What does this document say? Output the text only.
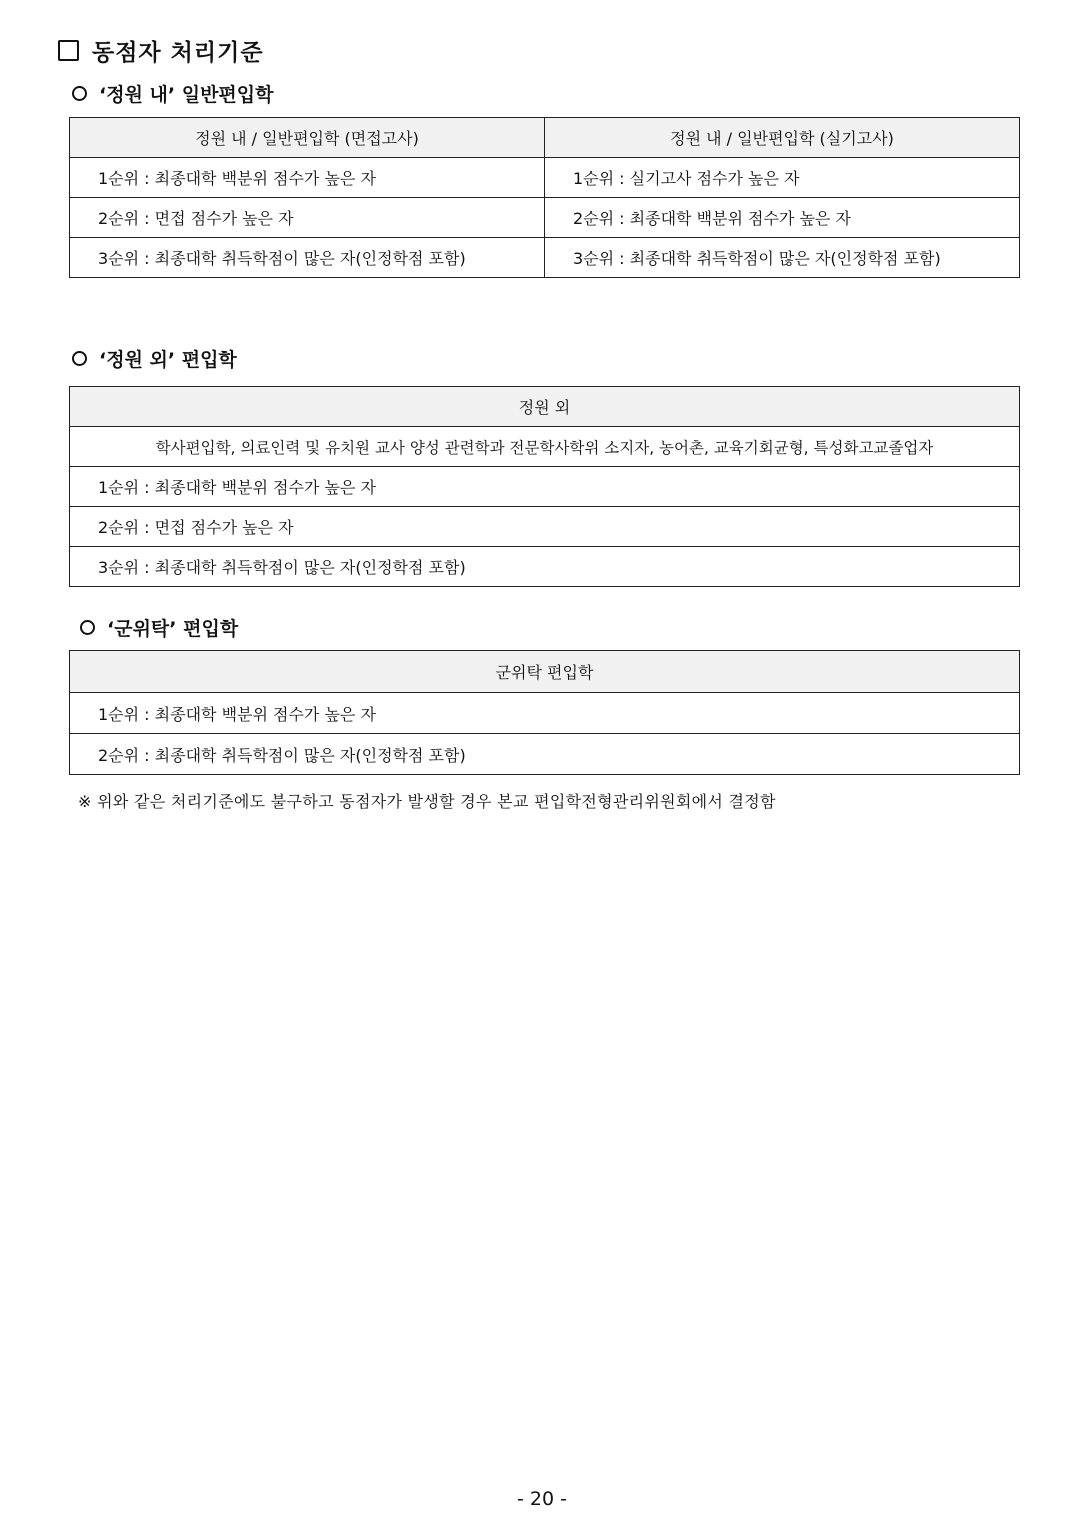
동점자 처리기준
‘정원 내’ 일반편입학
정원 내 / 일반편입학 (면접고사)	정원 내 / 일반편입학 (실기고사)
1순위 : 최종대학 백분위 점수가 높은 자	1순위 : 실기고사 점수가 높은 자
2순위 : 면접 점수가 높은 자	2순위 : 최종대학 백분위 점수가 높은 자
3순위 : 최종대학 취득학점이 많은 자(인정학점 포함)	3순위 : 최종대학 취득학점이 많은 자(인정학점 포함)
‘정원 외’ 편입학
정원 외
학사편입학, 의료인력 및 유치원 교사 양성 관련학과 전문학사학위 소지자, 농어촌, 교육기회균형, 특성화고교졸업자
1순위 : 최종대학 백분위 점수가 높은 자
2순위 : 면접 점수가 높은 자
3순위 : 최종대학 취득학점이 많은 자(인정학점 포함)
‘군위탁’ 편입학
군위탁 편입학
1순위 : 최종대학 백분위 점수가 높은 자
2순위 : 최종대학 취득학점이 많은 자(인정학점 포함)
※ 위와 같은 처리기준에도 불구하고 동점자가 발생할 경우 본교 편입학전형관리위원회에서 결정함
- 20 -
